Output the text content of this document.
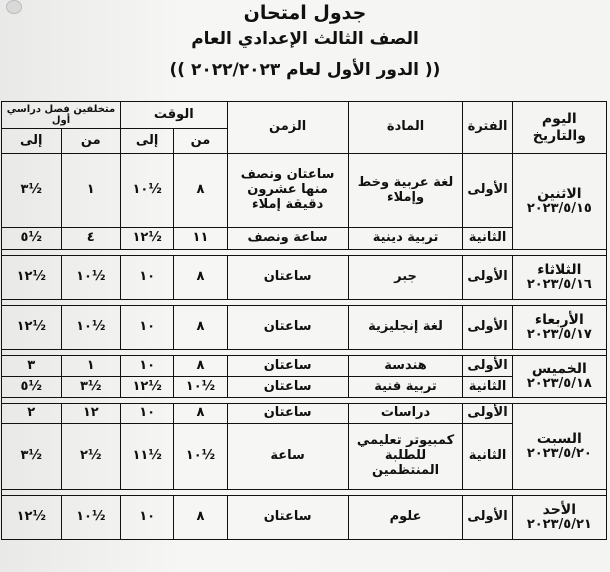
جدول امتحان
الصف الثالث الإعدادي العام
(( الدور الأول لعام ٢٠٢٢/٢٠٢٣ ))
اليوم والتاريخ	الفترة	المادة	الزمن	الوقت		متخلفين فصل دراسي أول	
				من	إلى	من	إلى
الاثنين
٢٠٢٣/٥/١٥	الأولى	لغة عربية وخط وإملاء	ساعتان ونصف منها عشرون دقيقة إملاء	٨	١٠½	١	٣½
	الثانية	تربية دينية	ساعة ونصف	١١	١٢½	٤	٥½

الثلاثاء
٢٠٢٣/٥/١٦	الأولى	جبر	ساعتان	٨	١٠	١٠½	١٢½

الأربعاء
٢٠٢٣/٥/١٧	الأولى	لغة إنجليزية	ساعتان	٨	١٠	١٠½	١٢½

الخميس
٢٠٢٣/٥/١٨	الأولى	هندسة	ساعتان	٨	١٠	١	٣
	الثانية	تربية فنية	ساعتان	١٠½	١٢½	٣½	٥½

السبت
٢٠٢٣/٥/٢٠	الأولى	دراسات	ساعتان	٨	١٠	١٢	٢
	الثانية	كمبيوتر تعليمي للطلبة المنتظمين	ساعة	١٠½	١١½	٢½	٣½

الأحد
٢٠٢٣/٥/٢١	الأولى	علوم	ساعتان	٨	١٠	١٠½	١٢½
